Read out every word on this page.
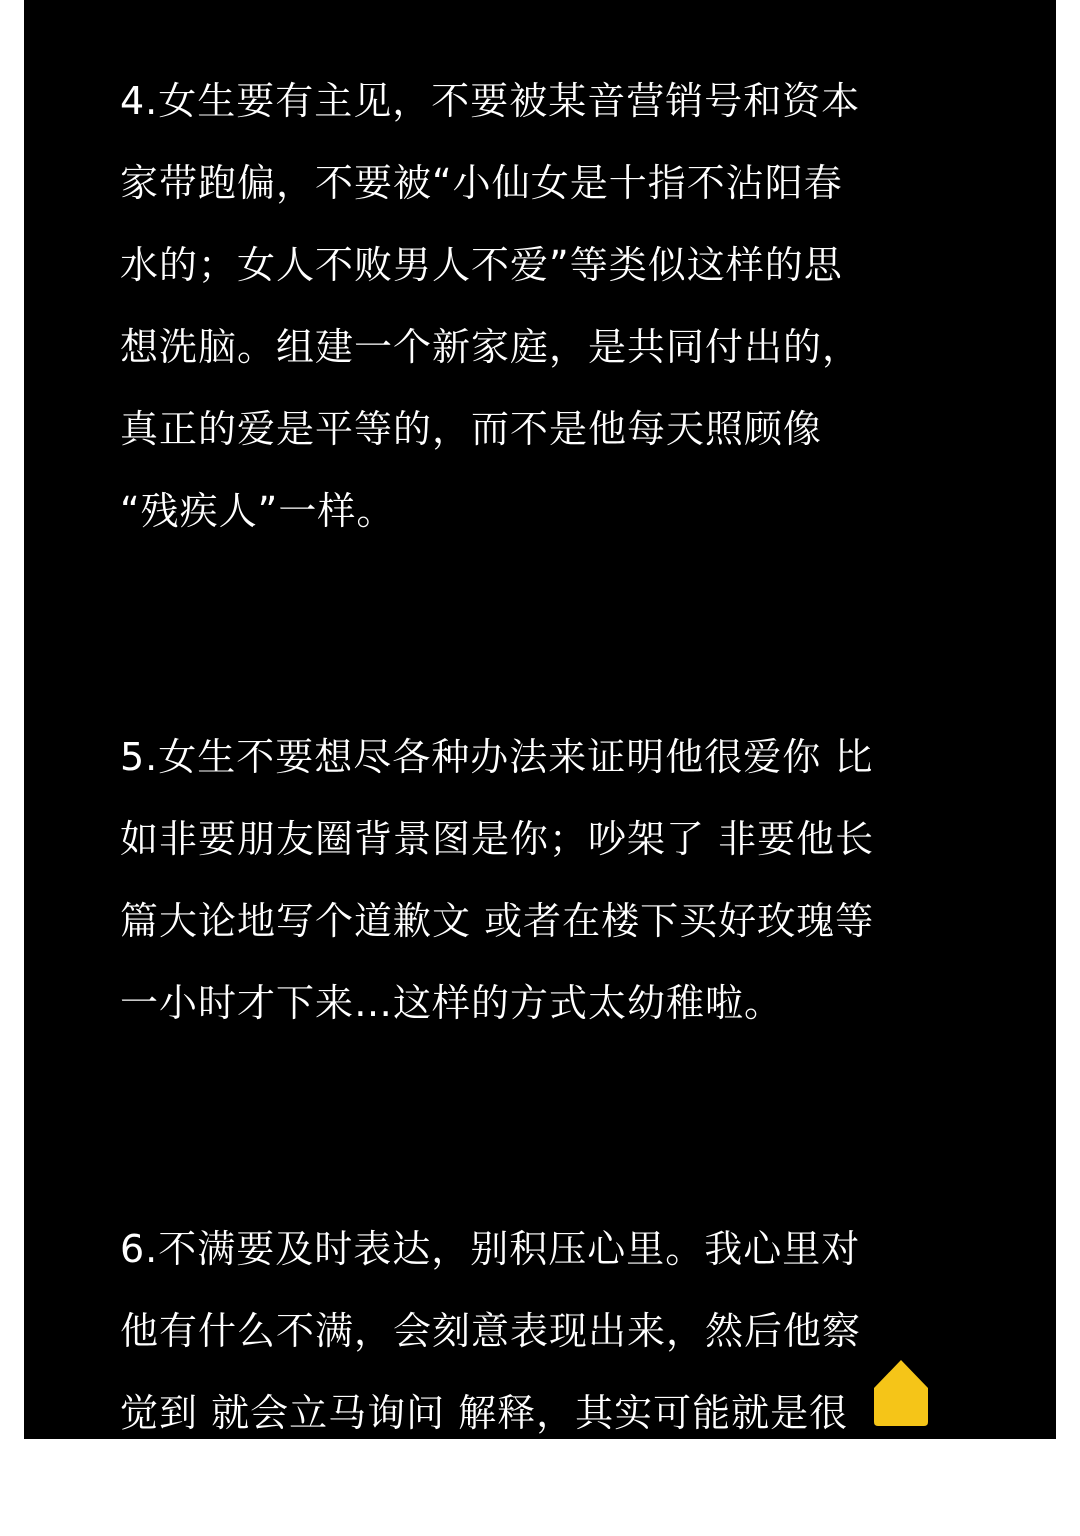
4.女生要有主见，不要被某音营销号和资本
家带跑偏，不要被“小仙女是十指不沾阳春
水的；女人不败男人不爱”等类似这样的思
想洗脑。组建一个新家庭，是共同付出的，
真正的爱是平等的，而不是他每天照顾像
“残疾人”一样。
5.女生不要想尽各种办法来证明他很爱你 比
如非要朋友圈背景图是你；吵架了 非要他长
篇大论地写个道歉文 或者在楼下买好玫瑰等
一小时才下来…这样的方式太幼稚啦。
6.不满要及时表达，别积压心里。我心里对
他有什么不满，会刻意表现出来，然后他察
觉到 就会立马询问 解释，其实可能就是很
小的一个误会，及时解决，皆大欢喜。
